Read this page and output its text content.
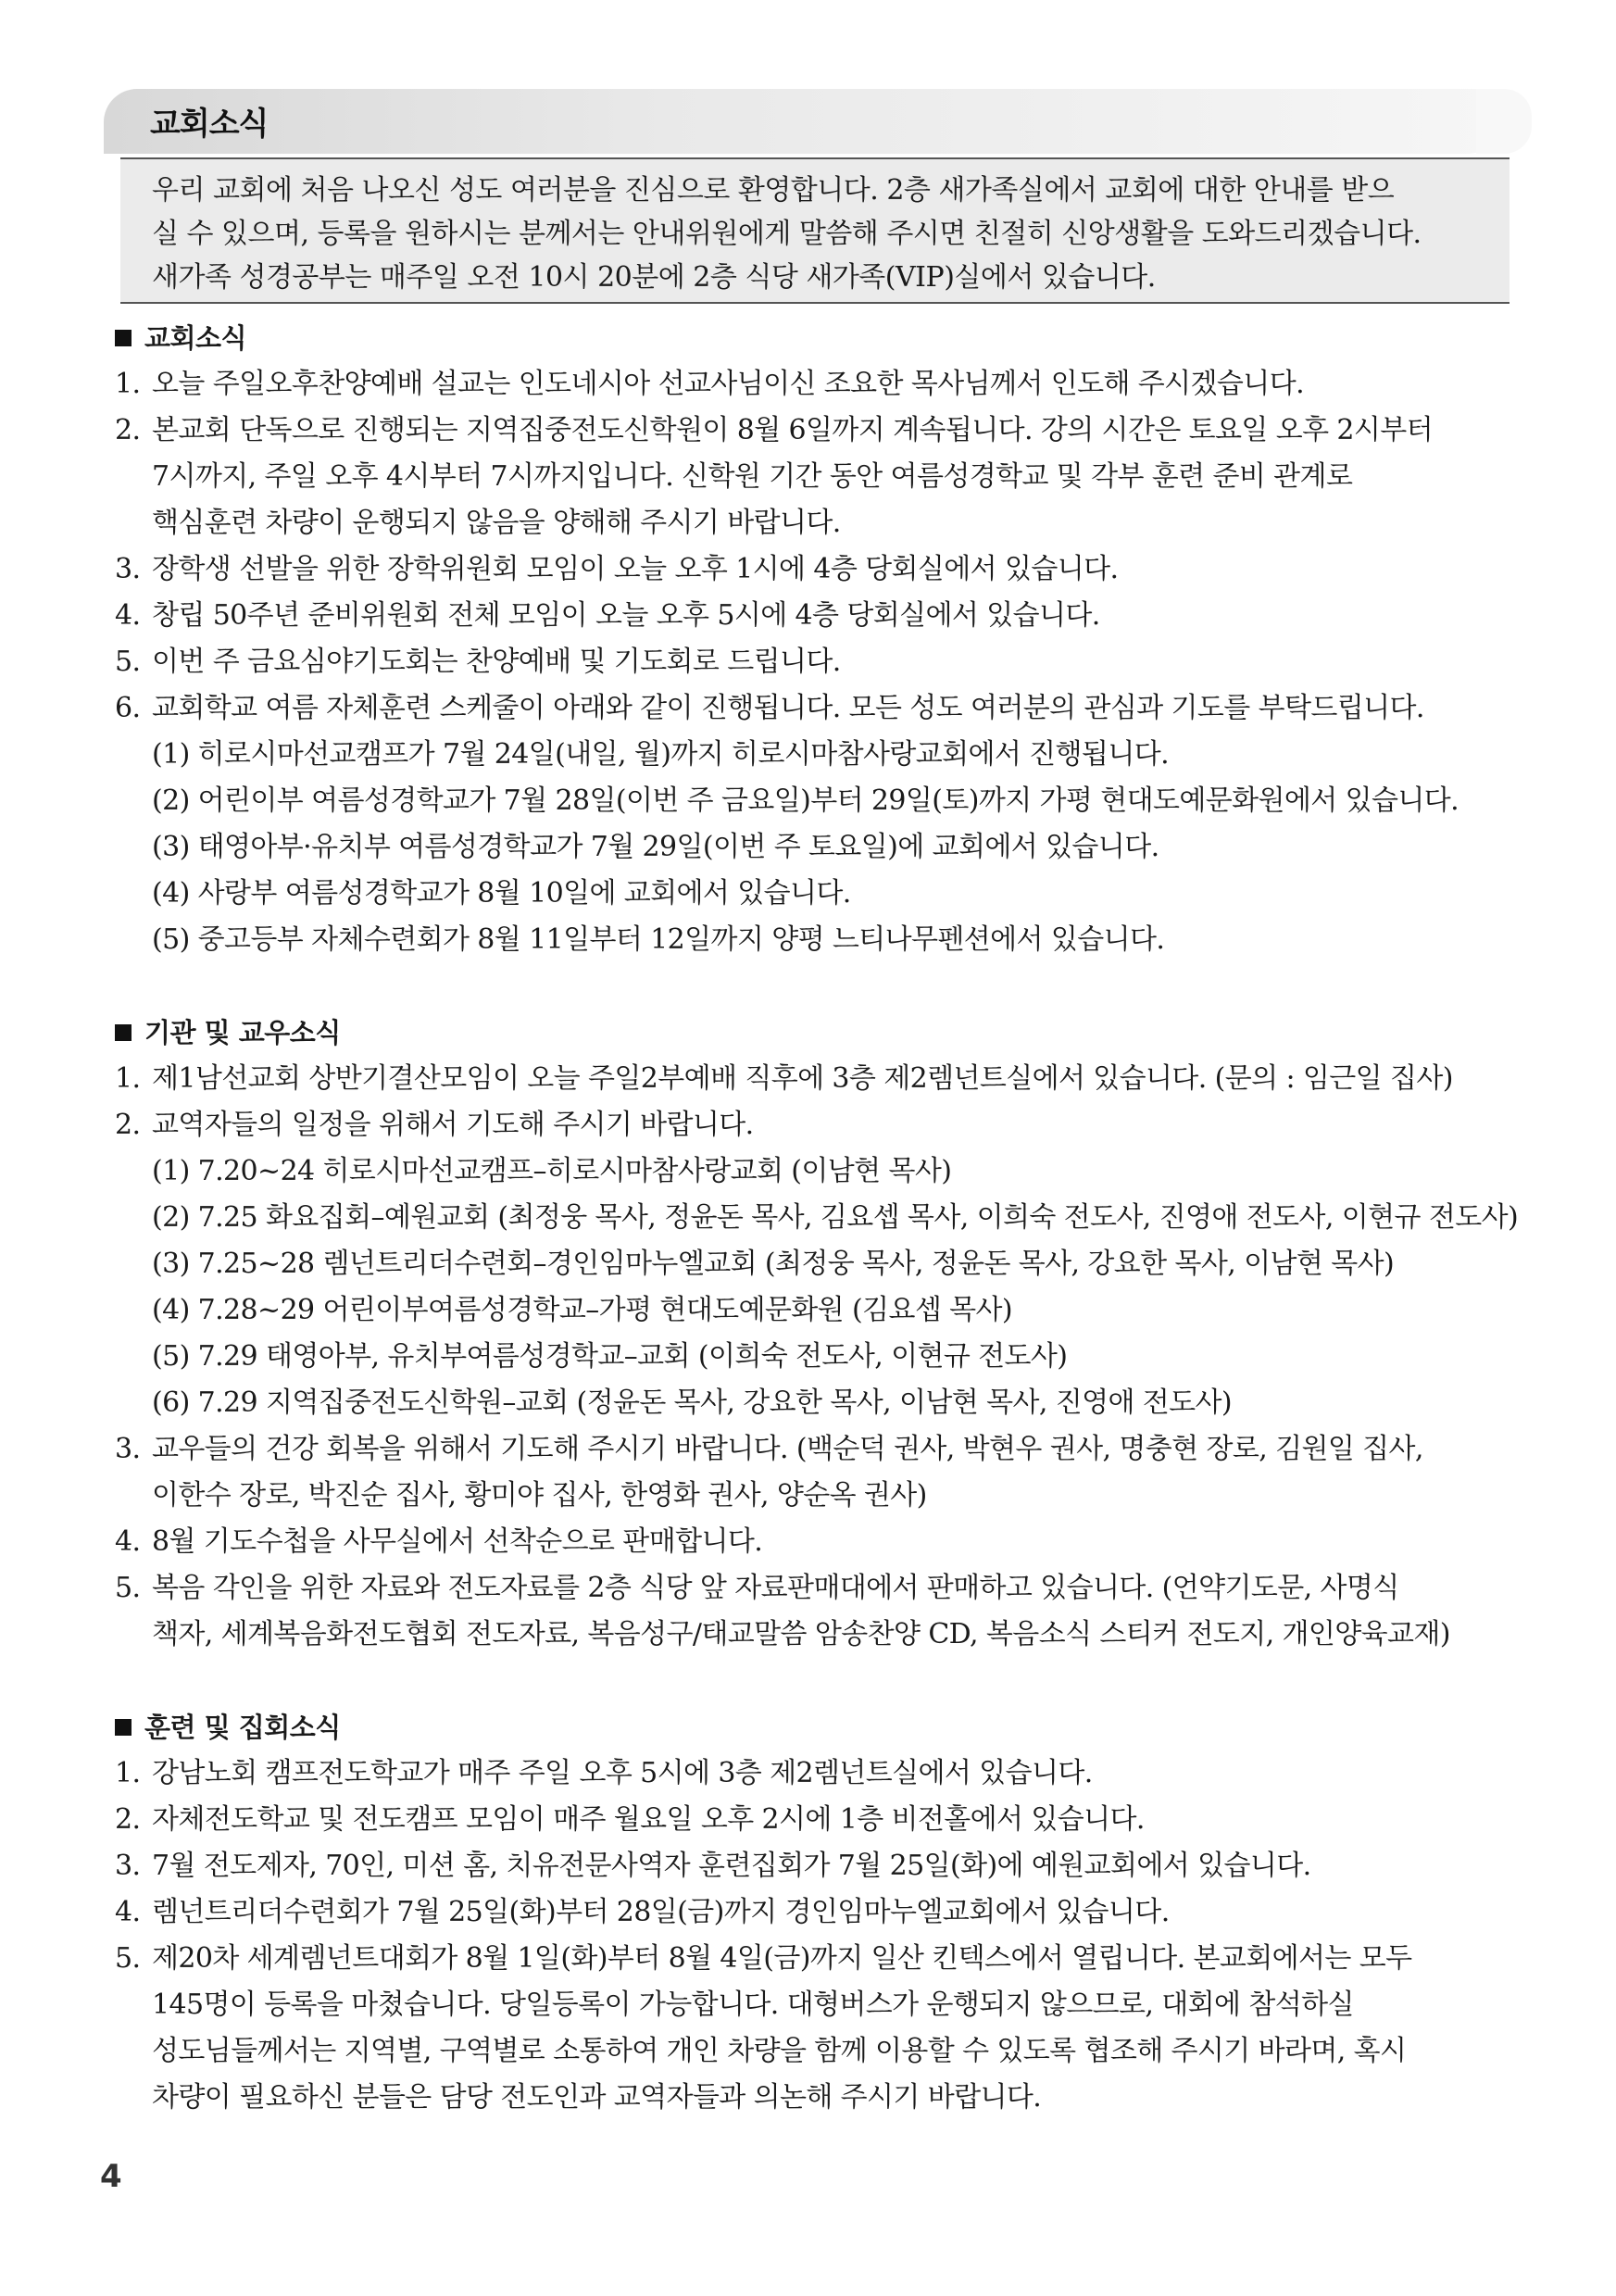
교회소식
우리 교회에 처음 나오신 성도 여러분을 진심으로 환영합니다. 2층 새가족실에서 교회에 대한 안내를 받으
실 수 있으며, 등록을 원하시는 분께서는 안내위원에게 말씀해 주시면 친절히 신앙생활을 도와드리겠습니다.
새가족 성경공부는 매주일 오전 10시 20분에 2층 식당 새가족(VIP)실에서 있습니다.
교회소식
1. 오늘 주일오후찬양예배 설교는 인도네시아 선교사님이신 조요한 목사님께서 인도해 주시겠습니다.
2. 본교회 단독으로 진행되는 지역집중전도신학원이 8월 6일까지 계속됩니다. 강의 시간은 토요일 오후 2시부터
7시까지, 주일 오후 4시부터 7시까지입니다. 신학원 기간 동안 여름성경학교 및 각부 훈련 준비 관계로
핵심훈련 차량이 운행되지 않음을 양해해 주시기 바랍니다.
3. 장학생 선발을 위한 장학위원회 모임이 오늘 오후 1시에 4층 당회실에서 있습니다.
4. 창립 50주년 준비위원회 전체 모임이 오늘 오후 5시에 4층 당회실에서 있습니다.
5. 이번 주 금요심야기도회는 찬양예배 및 기도회로 드립니다.
6. 교회학교 여름 자체훈련 스케줄이 아래와 같이 진행됩니다. 모든 성도 여러분의 관심과 기도를 부탁드립니다.
(1) 히로시마선교캠프가 7월 24일(내일, 월)까지 히로시마참사랑교회에서 진행됩니다.
(2) 어린이부 여름성경학교가 7월 28일(이번 주 금요일)부터 29일(토)까지 가평 현대도예문화원에서 있습니다.
(3) 태영아부·유치부 여름성경학교가 7월 29일(이번 주 토요일)에 교회에서 있습니다.
(4) 사랑부 여름성경학교가 8월 10일에 교회에서 있습니다.
(5) 중고등부 자체수련회가 8월 11일부터 12일까지 양평 느티나무펜션에서 있습니다.
기관 및 교우소식
1. 제1남선교회 상반기결산모임이 오늘 주일2부예배 직후에 3층 제2렘넌트실에서 있습니다. (문의 : 임근일 집사)
2. 교역자들의 일정을 위해서 기도해 주시기 바랍니다.
(1) 7.20~24 히로시마선교캠프–히로시마참사랑교회 (이남현 목사)
(2) 7.25 화요집회–예원교회 (최정웅 목사, 정윤돈 목사, 김요셉 목사, 이희숙 전도사, 진영애 전도사, 이현규 전도사)
(3) 7.25~28 렘넌트리더수련회–경인임마누엘교회 (최정웅 목사, 정윤돈 목사, 강요한 목사, 이남현 목사)
(4) 7.28~29 어린이부여름성경학교–가평 현대도예문화원 (김요셉 목사)
(5) 7.29 태영아부, 유치부여름성경학교–교회 (이희숙 전도사, 이현규 전도사)
(6) 7.29 지역집중전도신학원–교회 (정윤돈 목사, 강요한 목사, 이남현 목사, 진영애 전도사)
3. 교우들의 건강 회복을 위해서 기도해 주시기 바랍니다. (백순덕 권사, 박현우 권사, 명충현 장로, 김원일 집사,
이한수 장로, 박진순 집사, 황미야 집사, 한영화 권사, 양순옥 권사)
4. 8월 기도수첩을 사무실에서 선착순으로 판매합니다.
5. 복음 각인을 위한 자료와 전도자료를 2층 식당 앞 자료판매대에서 판매하고 있습니다. (언약기도문, 사명식
책자, 세계복음화전도협회 전도자료, 복음성구/태교말씀 암송찬양 CD, 복음소식 스티커 전도지, 개인양육교재)
훈련 및 집회소식
1. 강남노회 캠프전도학교가 매주 주일 오후 5시에 3층 제2렘넌트실에서 있습니다.
2. 자체전도학교 및 전도캠프 모임이 매주 월요일 오후 2시에 1층 비전홀에서 있습니다.
3. 7월 전도제자, 70인, 미션 홈, 치유전문사역자 훈련집회가 7월 25일(화)에 예원교회에서 있습니다.
4. 렘넌트리더수련회가 7월 25일(화)부터 28일(금)까지 경인임마누엘교회에서 있습니다.
5. 제20차 세계렘넌트대회가 8월 1일(화)부터 8월 4일(금)까지 일산 킨텍스에서 열립니다. 본교회에서는 모두
145명이 등록을 마쳤습니다. 당일등록이 가능합니다. 대형버스가 운행되지 않으므로, 대회에 참석하실
성도님들께서는 지역별, 구역별로 소통하여 개인 차량을 함께 이용할 수 있도록 협조해 주시기 바라며, 혹시
차량이 필요하신 분들은 담당 전도인과 교역자들과 의논해 주시기 바랍니다.
4
